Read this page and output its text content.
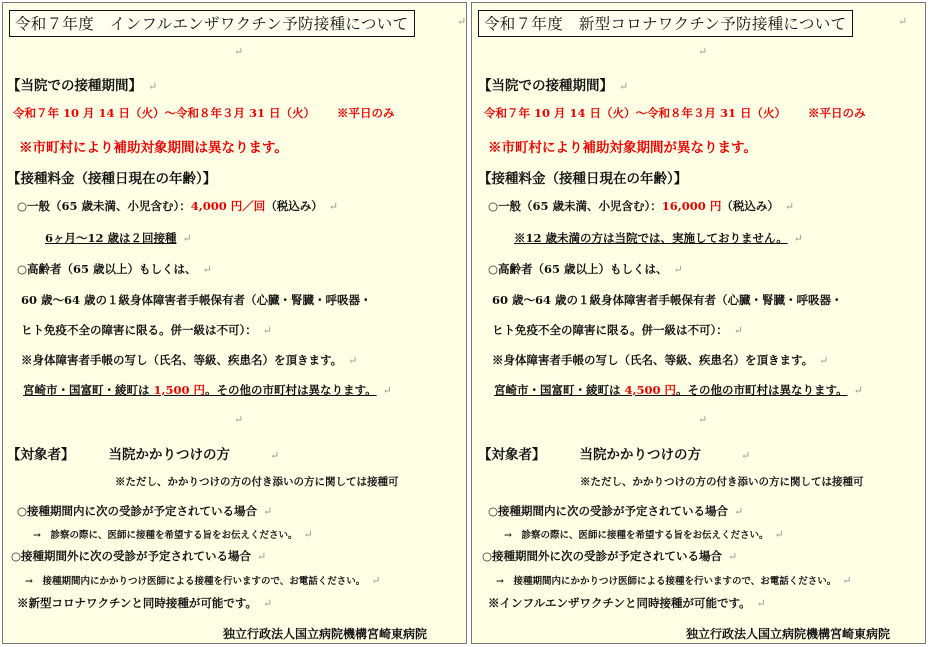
令和７年度　インフルエンザワクチン予防接種について	↵
↵
【当院での接種期間】 ↵
令和７年 10 月 14 日（火）～令和８年３月 31 日（火） ※平日のみ
※市町村により補助対象期間は異なります。
【接種料金（接種日現在の年齢）】
○一般（65 歳未満、小児含む）：4,000 円／回（税込み） ↵
6ヶ月～12 歳は２回接種 ↵
○高齢者（65 歳以上）もしくは、 ↵
60 歳～64 歳の１級身体障害者手帳保有者（心臓・腎臓・呼吸器・
ヒト免疫不全の障害に限る。併一級は不可）： ↵
※身体障害者手帳の写し（氏名、等級、疾患名）を頂きます。 ↵
宮崎市・国富町・綾町は 1,500 円。その他の市町村は異なります。 ↵
↵
【対象者】	当院かかりつけの方	↵
※ただし、かかりつけの方の付き添いの方に関しては接種可
○接種期間内に次の受診が予定されている場合 ↵
→　診察の際に、医師に接種を希望する旨をお伝えください。 ↵
○接種期間外に次の受診が予定されている場合 ↵
→　接種期間内にかかりつけ医師による接種を行いますので、お電話ください。 ↵
※新型コロナワクチンと同時接種が可能です。 ↵
独立行政法人国立病院機構宮崎東病院
令和７年度　新型コロナワクチン予防接種について	↵
↵
【当院での接種期間】 ↵
令和７年 10 月 14 日（火）～令和８年３月 31 日（火） ※平日のみ
※市町村により補助対象期間が異なります。
【接種料金（接種日現在の年齢）】
○一般（65 歳未満、小児含む）：16,000 円（税込み） ↵
※12 歳未満の方は当院では、実施しておりません。 ↵
○高齢者（65 歳以上）もしくは、 ↵
60 歳～64 歳の１級身体障害者手帳保有者（心臓・腎臓・呼吸器・
ヒト免疫不全の障害に限る。併一級は不可）： ↵
※身体障害者手帳の写し（氏名、等級、疾患名）を頂きます。 ↵
宮崎市・国富町・綾町は 4,500 円。その他の市町村は異なります。 ↵
↵
【対象者】	当院かかりつけの方	↵
※ただし、かかりつけの方の付き添いの方に関しては接種可
○接種期間内に次の受診が予定されている場合 ↵
→　診察の際に、医師に接種を希望する旨をお伝えください。 ↵
○接種期間外に次の受診が予定されている場合 ↵
→　接種期間内にかかりつけ医師による接種を行いますので、お電話ください。 ↵
※インフルエンザワクチンと同時接種が可能です。 ↵
独立行政法人国立病院機構宮崎東病院
